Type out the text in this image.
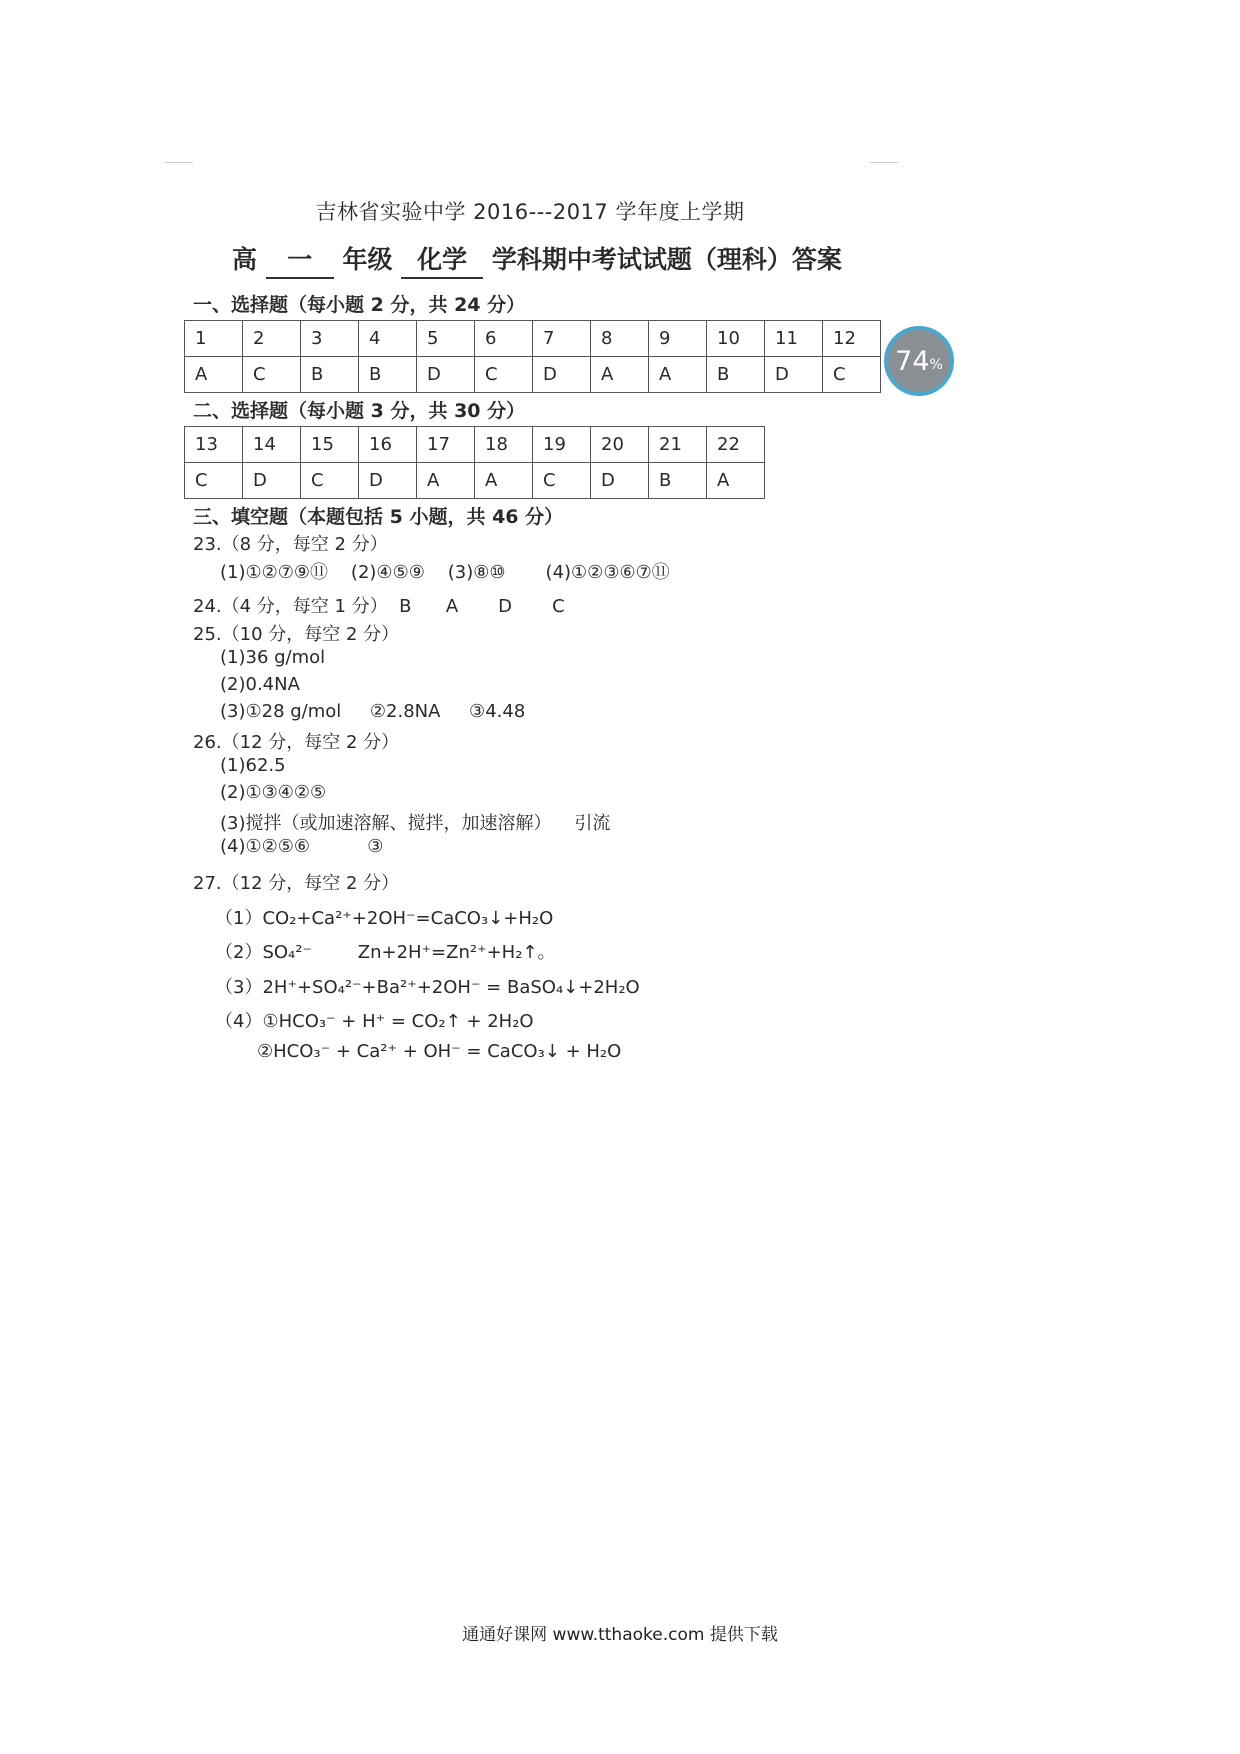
吉林省实验中学 2016---2017 学年度上学期
高 一 年级 化学 学科期中考试试题（理科）答案
一、选择题（每小题 2 分，共 24 分）
1	2	3	4	5	6	7	8	9	10	11	12
A	C	B	B	D	C	D	A	A	B	D	C 74 %
二、选择题（每小题 3 分，共 30 分）
13	14	15	16	17	18	19	20	21	22
C	D	C	D	A	A	C	D	B	A
三、填空题（本题包括 5 小题，共 46 分）
23.（8 分，每空 2 分）
(1)①②⑦⑨⑪    (2)④⑤⑨    (3)⑧⑩       (4)①②③⑥⑦⑪
24.（4 分，每空 1 分）  B      A       D       C
25.（10 分，每空 2 分）
(1)36 g/mol
(2)0.4NA
(3)①28 g/mol     ②2.8NA     ③4.48
26.（12 分，每空 2 分）
(1)62.5
(2)①③④②⑤
(3)搅拌（或加速溶解、搅拌，加速溶解）    引流
(4)①②⑤⑥          ③
27.（12 分，每空 2 分）
（1）CO₂+Ca²⁺+2OH⁻=CaCO₃↓+H₂O
（2）SO₄²⁻        Zn+2H⁺=Zn²⁺+H₂↑。
（3）2H⁺+SO₄²⁻+Ba²⁺+2OH⁻ = BaSO₄↓+2H₂O
（4）①HCO₃⁻ + H⁺ = CO₂↑ + 2H₂O
②HCO₃⁻ + Ca²⁺ + OH⁻ = CaCO₃↓ + H₂O
通通好课网 www.tthaoke.com 提供下载
